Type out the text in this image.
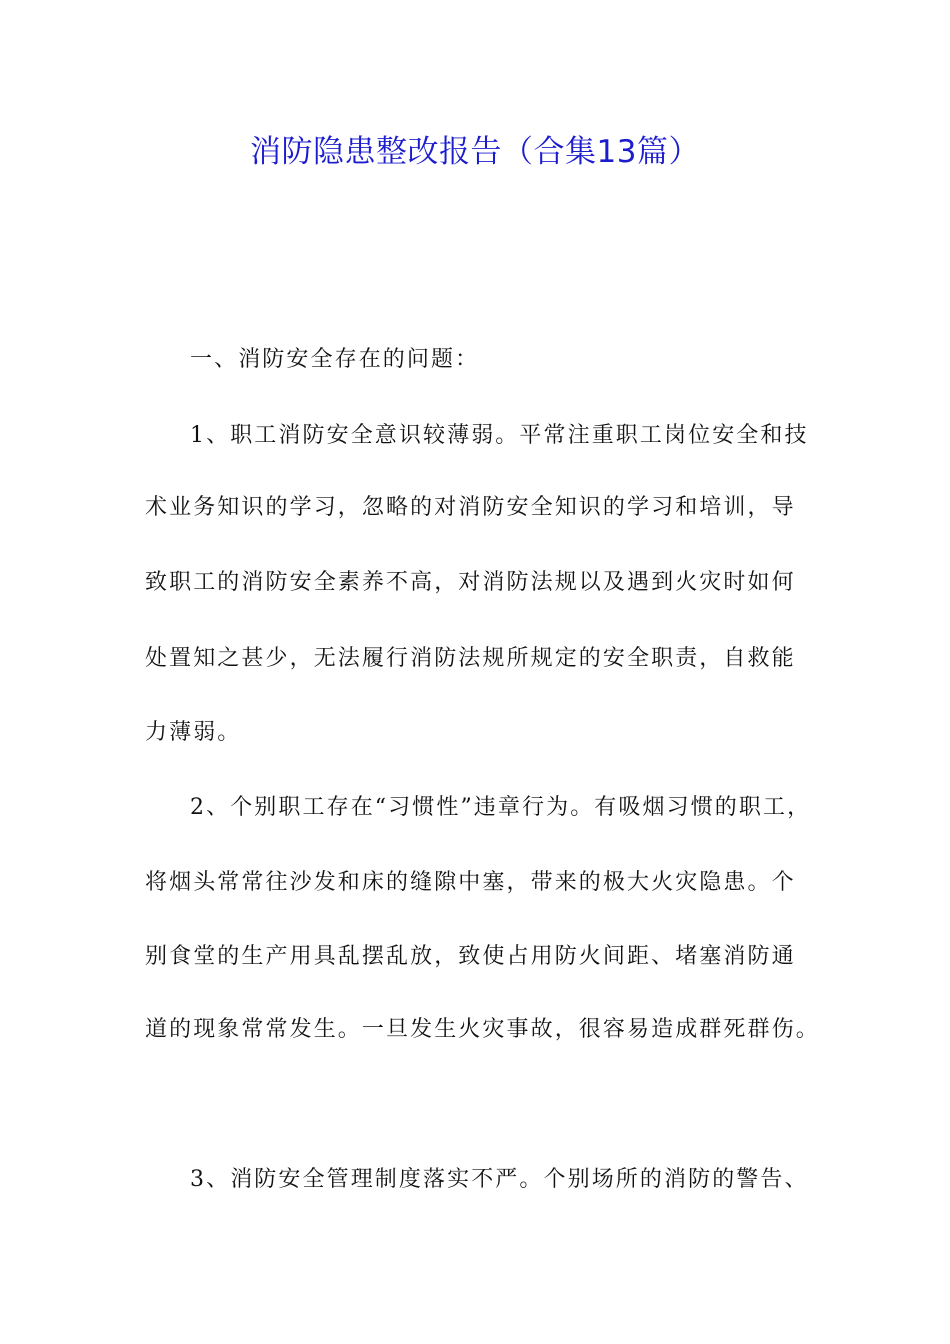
消防隐患整改报告（合集13篇）
一、消防安全存在的问题：
1、职工消防安全意识较薄弱。平常注重职工岗位安全和技
术业务知识的学习，忽略的对消防安全知识的学习和培训，导
致职工的消防安全素养不高，对消防法规以及遇到火灾时如何
处置知之甚少，无法履行消防法规所规定的安全职责，自救能
力薄弱。
2、个别职工存在“习惯性”违章行为。有吸烟习惯的职工，
将烟头常常往沙发和床的缝隙中塞，带来的极大火灾隐患。个
别食堂的生产用具乱摆乱放，致使占用防火间距、堵塞消防通
道的现象常常发生。一旦发生火灾事故，很容易造成群死群伤。
3、消防安全管理制度落实不严。个别场所的消防的警告、
